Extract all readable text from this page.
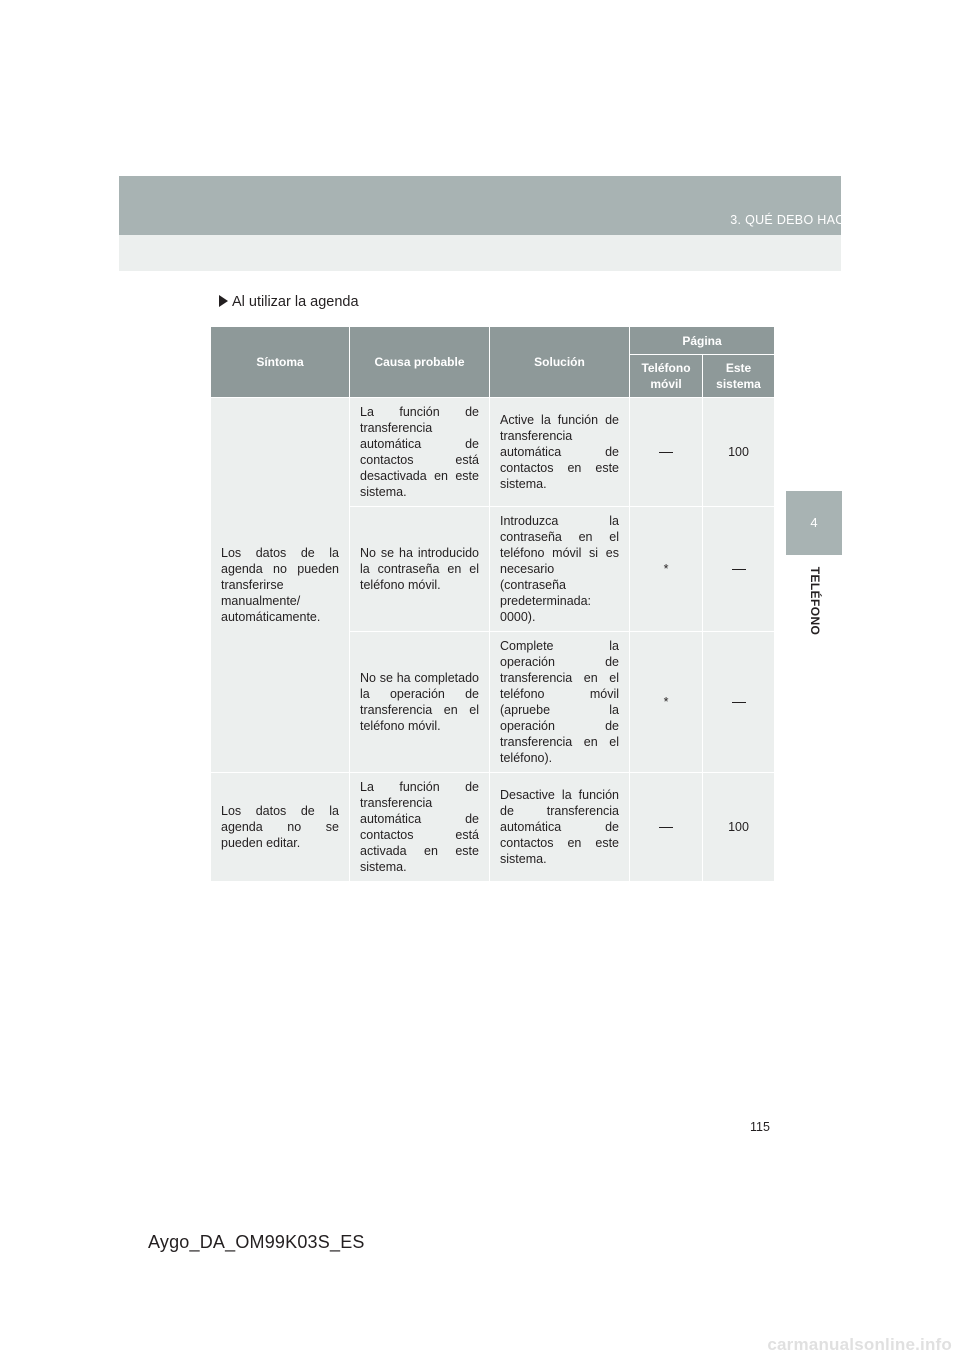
3. QUÉ DEBO HACER SI...
4
TELÉFONO
Al utilizar la agenda
Síntoma	Causa probable	Solución	Página	
			Teléfono móvil	Este sistema
Los datos de la agenda no pueden transferirse manualmente/ automáticamente.	La función de transferencia automática de contactos está desactivada en este sistema.	Active la función de transferencia automática de contactos en este sistema.		100
	No se ha introducido la contraseña en el teléfono móvil.	Introduzca la contraseña en el teléfono móvil si es necesario (contraseña predeterminada: 0000).	*	
	No se ha completado la operación de transferencia en el teléfono móvil.	Complete la operación de transferencia en el teléfono móvil (apruebe la operación de transferencia en el teléfono).	*	
Los datos de la agenda no se pueden editar.	La función de transferencia automática de contactos está activada en este sistema.	Desactive la función de transferencia automática de contactos en este sistema.		100
115
Aygo_DA_OM99K03S_ES
carmanualsonline.info
